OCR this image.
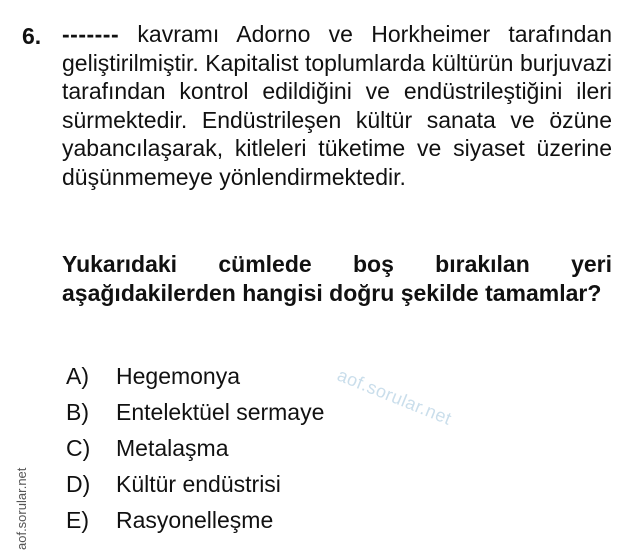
6. ------- kavramı Adorno ve Horkheimer tarafından geliştirilmiştir. Kapitalist toplumlarda kültürün burjuvazi tarafından kontrol edildiğini ve endüstrileştiğini ileri sürmektedir. Endüstrileşen kültür sanata ve özüne yabancılaşarak, kitleleri tüketime ve siyaset üzerine düşünmemeye yönlendirmektedir.

Yukarıdaki cümlede boş bırakılan yeri aşağıdakilerden hangisi doğru şekilde tamamlar?

A)	Hegemonya
B)	Entelektüel sermaye
C)	Metalaşma
D)	Kültür endüstrisi
E)	Rasyonelleşme
aof.sorular.net
aof.sorular.net
